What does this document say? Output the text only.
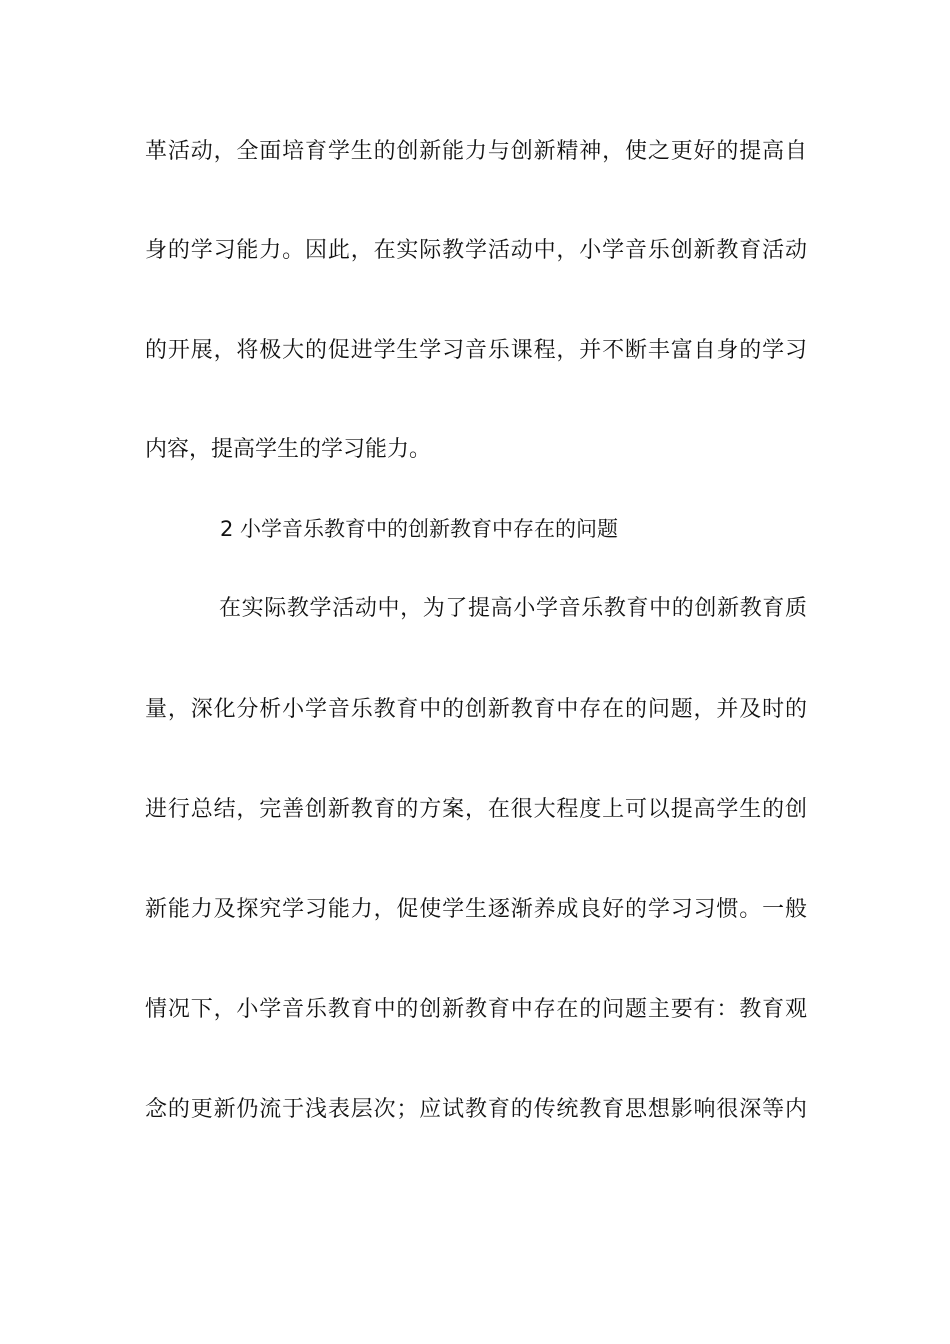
革活动，全面培育学生的创新能力与创新精神，使之更好的提高自
身的学习能力。因此，在实际教学活动中，小学音乐创新教育活动
的开展，将极大的促进学生学习音乐课程，并不断丰富自身的学习
内容，提高学生的学习能力。
2 小学音乐教育中的创新教育中存在的问题
在实际教学活动中，为了提高小学音乐教育中的创新教育质
量，深化分析小学音乐教育中的创新教育中存在的问题，并及时的
进行总结，完善创新教育的方案，在很大程度上可以提高学生的创
新能力及探究学习能力，促使学生逐渐养成良好的学习习惯。一般
情况下，小学音乐教育中的创新教育中存在的问题主要有：教育观
念的更新仍流于浅表层次；应试教育的传统教育思想影响很深等内
